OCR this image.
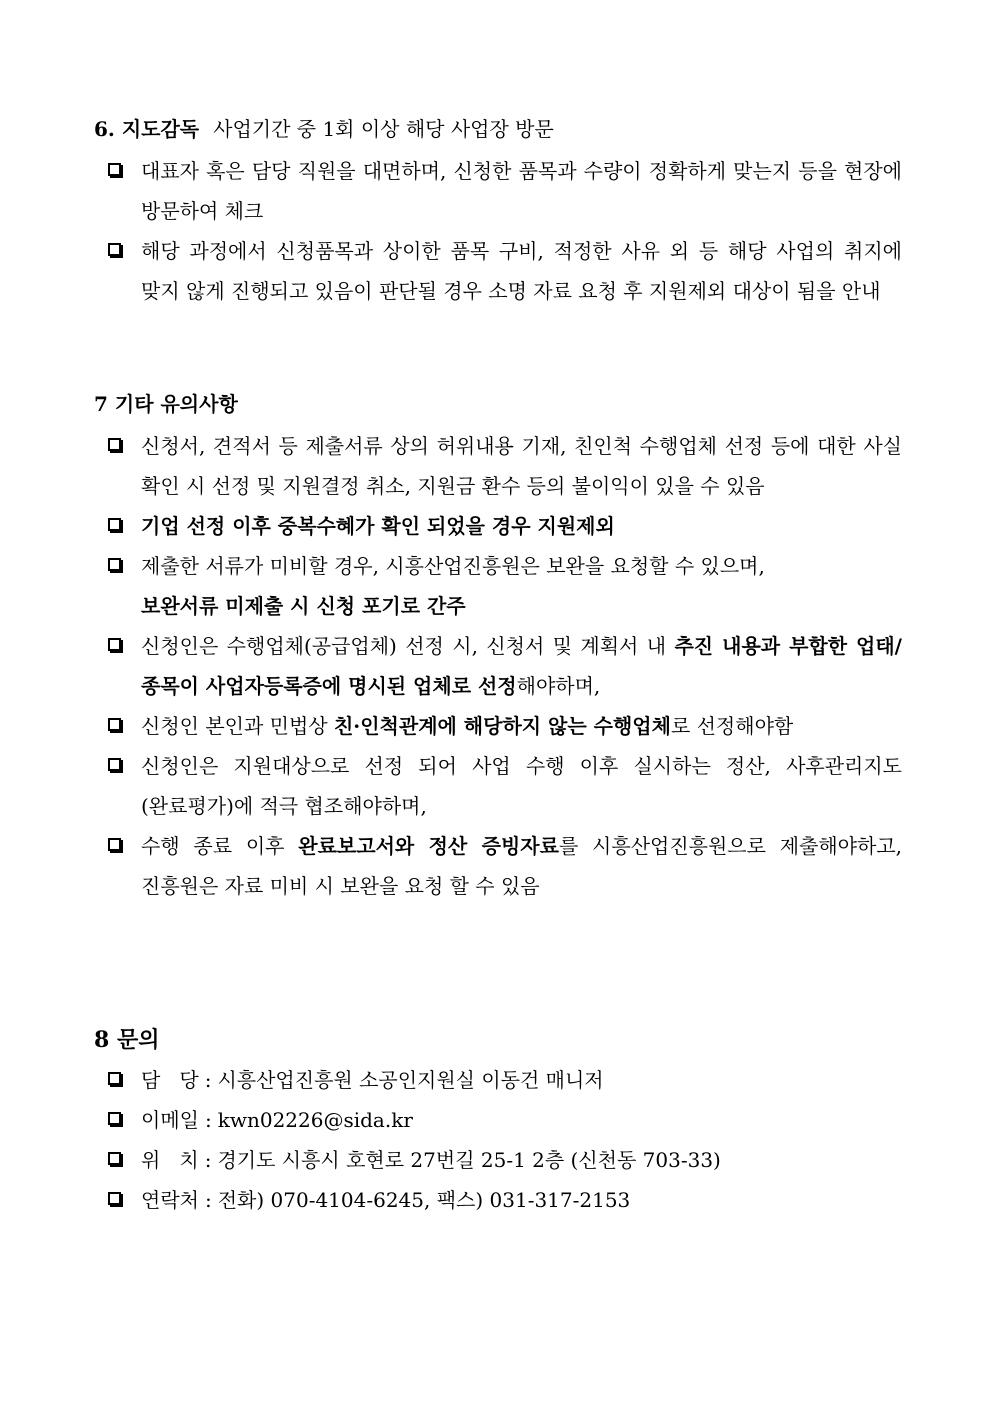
6. 지도감독 사업기간 중 1회 이상 해당 사업장 방문
대표자 혹은 담당 직원을 대면하며, 신청한 품목과 수량이 정확하게 맞는지 등을 현장에 방문하여 체크
해당 과정에서 신청품목과 상이한 품목 구비, 적정한 사유 외 등 해당 사업의 취지에 맞지 않게 진행되고 있음이 판단될 경우 소명 자료 요청 후 지원제외 대상이 됨을 안내
7 기타 유의사항
신청서, 견적서 등 제출서류 상의 허위내용 기재, 친인척 수행업체 선정 등에 대한 사실 확인 시 선정 및 지원결정 취소, 지원금 환수 등의 불이익이 있을 수 있음
기업 선정 이후 중복수혜가 확인 되었을 경우 지원제외
제출한 서류가 미비할 경우, 시흥산업진흥원은 보완을 요청할 수 있으며,
보완서류 미제출 시 신청 포기로 간주
신청인은 수행업체(공급업체) 선정 시, 신청서 및 계획서 내 추진 내용과 부합한 업태/종목이 사업자등록증에 명시된 업체로 선정해야하며,
신청인 본인과 민법상 친·인척관계에 해당하지 않는 수행업체로 선정해야함
신청인은 지원대상으로 선정 되어 사업 수행 이후 실시하는 정산, 사후관리지도(완료평가)에 적극 협조해야하며,
수행 종료 이후 완료보고서와 정산 증빙자료를 시흥산업진흥원으로 제출해야하고, 진흥원은 자료 미비 시 보완을 요청 할 수 있음
8 문의
담   당 : 시흥산업진흥원 소공인지원실 이동건 매니저
이메일 : kwn02226@sida.kr
위   치 : 경기도 시흥시 호현로 27번길 25-1 2층 (신천동 703-33)
연락처 : 전화) 070-4104-6245, 팩스) 031-317-2153
